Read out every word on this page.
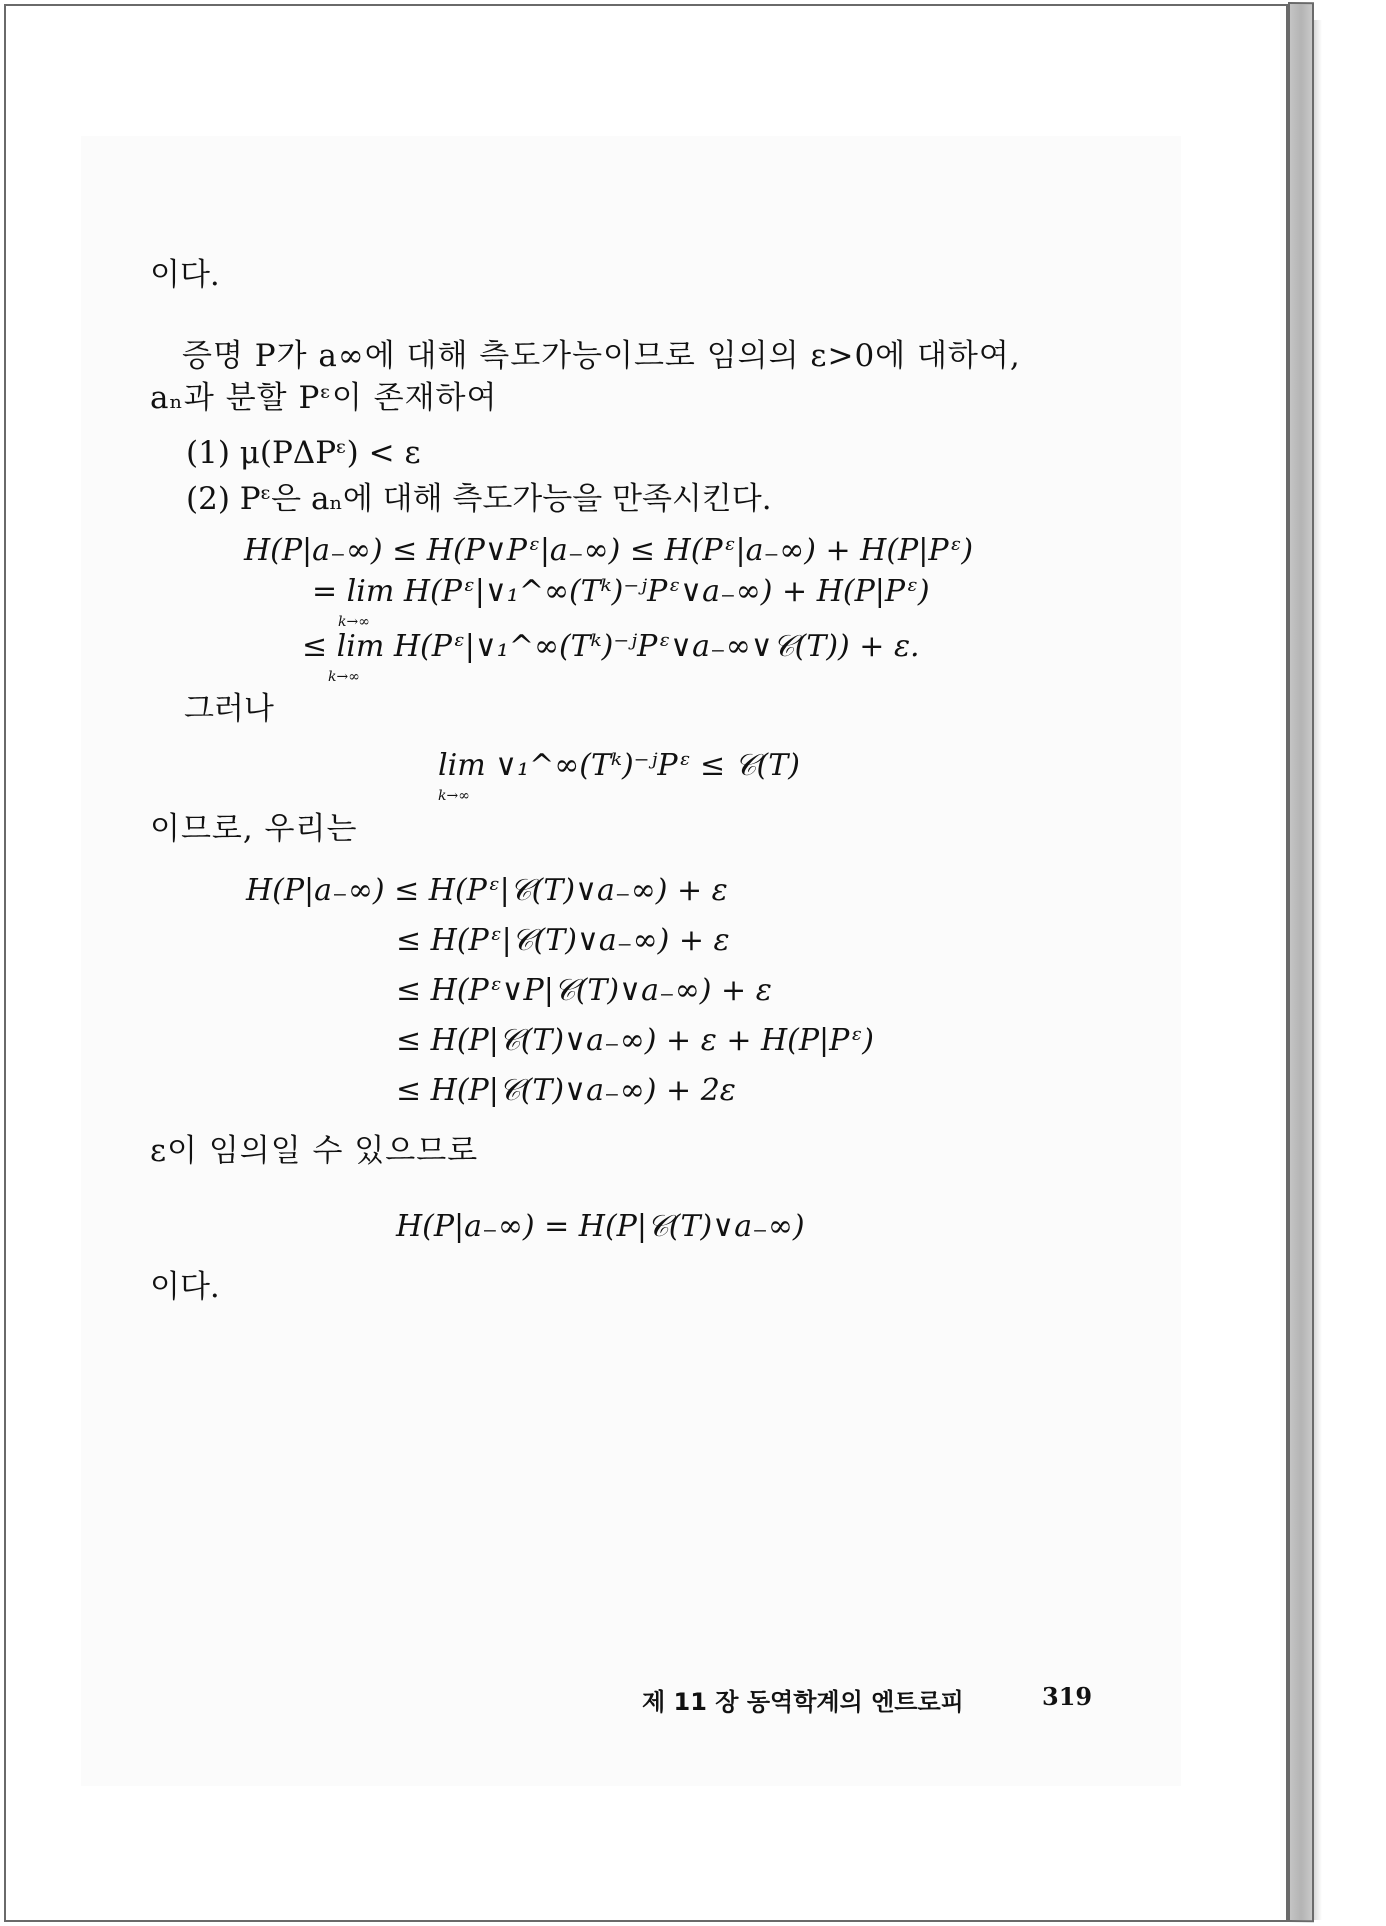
이다.
증명 P가 a∞에 대해 측도가능이므로 임의의 ε>0에 대하여,
aₙ과 분할 Pᵋ이 존재하여
(1) μ(PΔPᵋ) < ε
(2) Pᵋ은 aₙ에 대해 측도가능을 만족시킨다.
H(P|a₋∞) ≤ H(P∨Pᵋ|a₋∞) ≤ H(Pᵋ|a₋∞) + H(P|Pᵋ)
= lim H(Pᵋ|∨₁^∞(Tᵏ)⁻ʲPᵋ∨a₋∞) + H(P|Pᵋ)
k→∞
≤ lim H(Pᵋ|∨₁^∞(Tᵏ)⁻ʲPᵋ∨a₋∞∨𝒞(T)) + ε.
k→∞
그러나
lim ∨₁^∞(Tᵏ)⁻ʲPᵋ ≤ 𝒞(T)
k→∞
이므로, 우리는
H(P|a₋∞) ≤ H(Pᵋ|𝒞(T)∨a₋∞) + ε
≤ H(Pᵋ|𝒞(T)∨a₋∞) + ε
≤ H(Pᵋ∨P|𝒞(T)∨a₋∞) + ε
≤ H(P|𝒞(T)∨a₋∞) + ε + H(P|Pᵋ)
≤ H(P|𝒞(T)∨a₋∞) + 2ε
ε이 임의일 수 있으므로
H(P|a₋∞) = H(P|𝒞(T)∨a₋∞)
이다.
제 11 장 동역학계의 엔트로피	319
